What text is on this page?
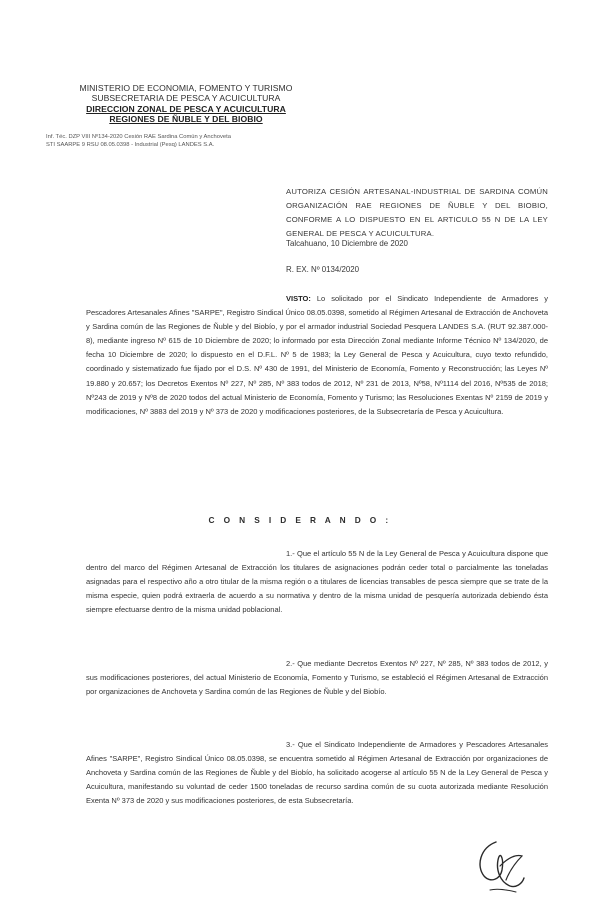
MINISTERIO DE ECONOMIA, FOMENTO Y TURISMO
SUBSECRETARIA DE PESCA Y ACUICULTURA
DIRECCION ZONAL DE PESCA Y ACUICULTURA
REGIONES DE ÑUBLE Y DEL BIOBIO
Inf. Téc. DZP VIII Nº134-2020 Cesión RAE Sardina Común y Anchoveta
STI SAARPE 9 RSU 08.05.0398 - Industrial (Pesq) LANDES S.A.
AUTORIZA CESIÓN ARTESANAL-INDUSTRIAL DE SARDINA COMÚN ORGANIZACIÓN RAE REGIONES DE ÑUBLE Y DEL BIOBIO, CONFORME A LO DISPUESTO EN EL ARTICULO 55 N DE LA LEY GENERAL DE PESCA Y ACUICULTURA.
Talcahuano, 10 Diciembre de 2020
R. EX. Nº 0134/2020
VISTO: Lo solicitado por el Sindicato Independiente de Armadores y Pescadores Artesanales Afines "SARPE", Registro Sindical Único 08.05.0398, sometido al Régimen Artesanal de Extracción de Anchoveta y Sardina común de las Regiones de Ñuble y del Biobío, y por el armador industrial Sociedad Pesquera LANDES S.A. (RUT 92.387.000-8), mediante ingreso Nº 615 de 10 Diciembre de 2020; lo informado por esta Dirección Zonal mediante Informe Técnico Nº 134/2020, de fecha 10 Diciembre de 2020; lo dispuesto en el D.F.L. Nº 5 de 1983; la Ley General de Pesca y Acuicultura, cuyo texto refundido, coordinado y sistematizado fue fijado por el D.S. Nº 430 de 1991, del Ministerio de Economía, Fomento y Reconstrucción; las Leyes Nº 19.880 y 20.657; los Decretos Exentos Nº 227, Nº 285, Nº 383 todos de 2012, Nº 231 de 2013, Nº58, Nº1114 del 2016, Nº535 de 2018; Nº243 de 2019 y Nº8 de 2020 todos del actual Ministerio de Economía, Fomento y Turismo; las Resoluciones Exentas Nº 2159 de 2019 y modificaciones, Nº 3883 del 2019 y Nº 373 de 2020 y modificaciones posteriores, de la Subsecretaría de Pesca y Acuicultura.
C O N S I D E R A N D O :
1.- Que el artículo 55 N de la Ley General de Pesca y Acuicultura dispone que dentro del marco del Régimen Artesanal de Extracción los titulares de asignaciones podrán ceder total o parcialmente las toneladas asignadas para el respectivo año a otro titular de la misma región o a titulares de licencias transables de pesca siempre que se trate de la misma especie, quien podrá extraerla de acuerdo a su normativa y dentro de la misma unidad de pesquería autorizada debiendo ésta siempre efectuarse dentro de la misma unidad poblacional.
2.- Que mediante Decretos Exentos Nº 227, Nº 285, Nº 383 todos de 2012, y sus modificaciones posteriores, del actual Ministerio de Economía, Fomento y Turismo, se estableció el Régimen Artesanal de Extracción por organizaciones de Anchoveta y Sardina común de las Regiones de Ñuble y del Biobío.
3.- Que el Sindicato Independiente de Armadores y Pescadores Artesanales Afines "SARPE", Registro Sindical Único 08.05.0398, se encuentra sometido al Régimen Artesanal de Extracción por organizaciones de Anchoveta y Sardina común de las Regiones de Ñuble y del Biobío, ha solicitado acogerse al artículo 55 N de la Ley General de Pesca y Acuicultura, manifestando su voluntad de ceder 1500 toneladas de recurso sardina común de su cuota autorizada mediante Resolución Exenta Nº 373 de 2020 y sus modificaciones posteriores, de esta Subsecretaría.
